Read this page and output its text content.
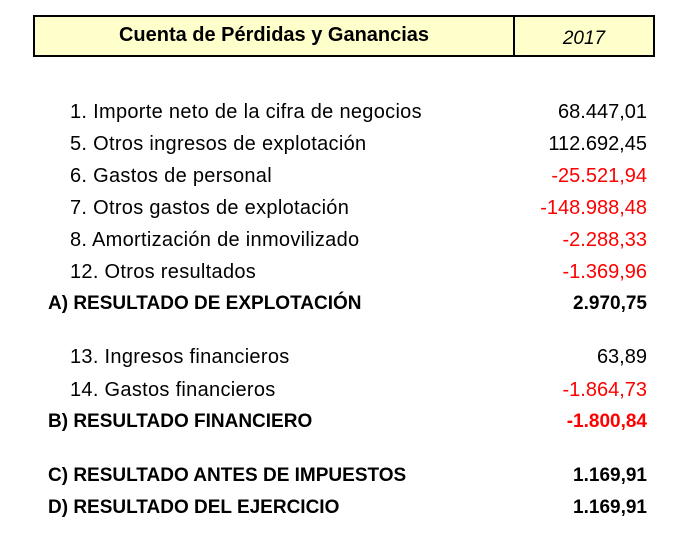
Cuenta de Pérdidas y Ganancias	2017
1. Importe neto de la cifra de negocios	68.447,01
5. Otros ingresos de explotación	112.692,45
6. Gastos de personal	-25.521,94
7. Otros gastos de explotación	-148.988,48
8. Amortización de inmovilizado	-2.288,33
12. Otros resultados	-1.369,96
A) RESULTADO DE EXPLOTACIÓN	2.970,75
13. Ingresos financieros	63,89
14. Gastos financieros	-1.864,73
B) RESULTADO FINANCIERO	-1.800,84
C) RESULTADO ANTES DE IMPUESTOS	1.169,91
D) RESULTADO DEL EJERCICIO	1.169,91
